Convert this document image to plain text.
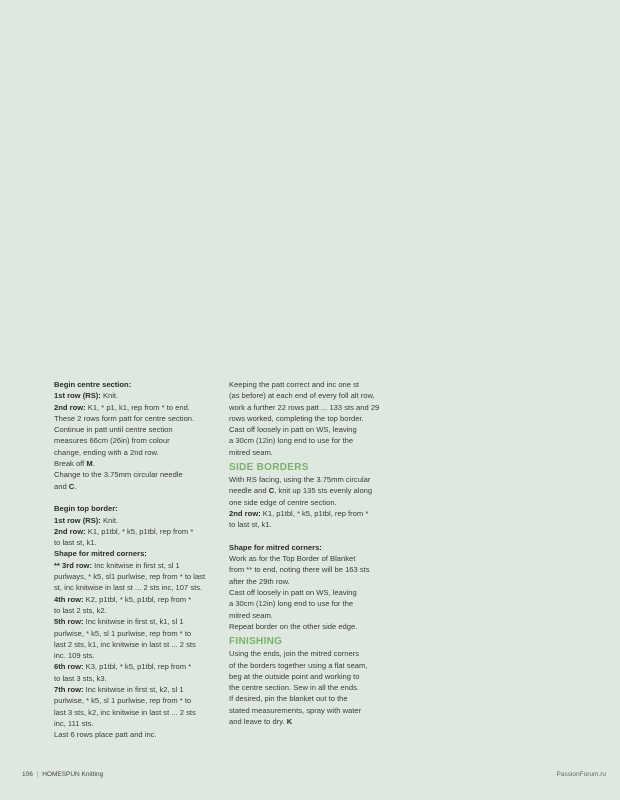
Begin centre section:
1st row (RS): Knit.
2nd row: K1, * p1, k1, rep from * to end.
These 2 rows form patt for centre section.
Continue in patt until centre section
measures 66cm (26in) from colour
change, ending with a 2nd row.
Break off M.
Change to the 3.75mm circular needle
and C.
Begin top border:
1st row (RS): Knit.
2nd row: K1, p1tbl, * k5, p1tbl, rep from *
to last st, k1.
Shape for mitred corners:
** 3rd row: Inc knitwise in first st, sl 1
purlways, * k5, sl1 purlwise, rep from * to last
st, inc knitwise in last st ... 2 sts inc, 107 sts.
4th row: K2, p1tbl, * k5, p1tbl, rep from *
to last 2 sts, k2.
5th row: Inc knitwise in first st, k1, sl 1
purlwise, * k5, sl 1 purlwise, rep from * to
last 2 sts, k1, inc knitwise in last st ... 2 sts
inc. 109 sts.
6th row: K3, p1tbl, * k5, p1tbl, rep from *
to last 3 sts, k3.
7th row: Inc knitwise in first st, k2, sl 1
purlwise, * k5, sl 1 purlwise, rep from * to
last 3 sts, k2, inc knitwise in last st ... 2 sts
inc, 111 sts.
Last 6 rows place patt and inc.
Keeping the patt correct and inc one st
(as before) at each end of every foll alt row,
work a further 22 rows patt ... 133 sts and 29
rows worked, completing the top border.
Cast off loosely in patt on WS, leaving
a 30cm (12in) long end to use for the
mitred seam.
SIDE BORDERS
With RS facing, using the 3.75mm circular
needle and C, knit up 135 sts evenly along
one side edge of centre section.
2nd row: K1, p1tbl, * k5, p1tbl, rep from *
to last st, k1.
Shape for mitred corners:
Work as for the Top Border of Blanket
from ** to end, noting there will be 163 sts
after the 29th row.
Cast off loosely in patt on WS, leaving
a 30cm (12in) long end to use for the
mitred seam.
Repeat border on the other side edge.
FINISHING
Using the ends, join the mitred corners
of the borders together using a flat seam,
beg at the outside point and working to
the centre section. Sew in all the ends.
If desired, pin the blanket out to the
stated measurements, spray with water
and leave to dry. K
106 | HOMESPUN Knitting	PassionForum.ru
